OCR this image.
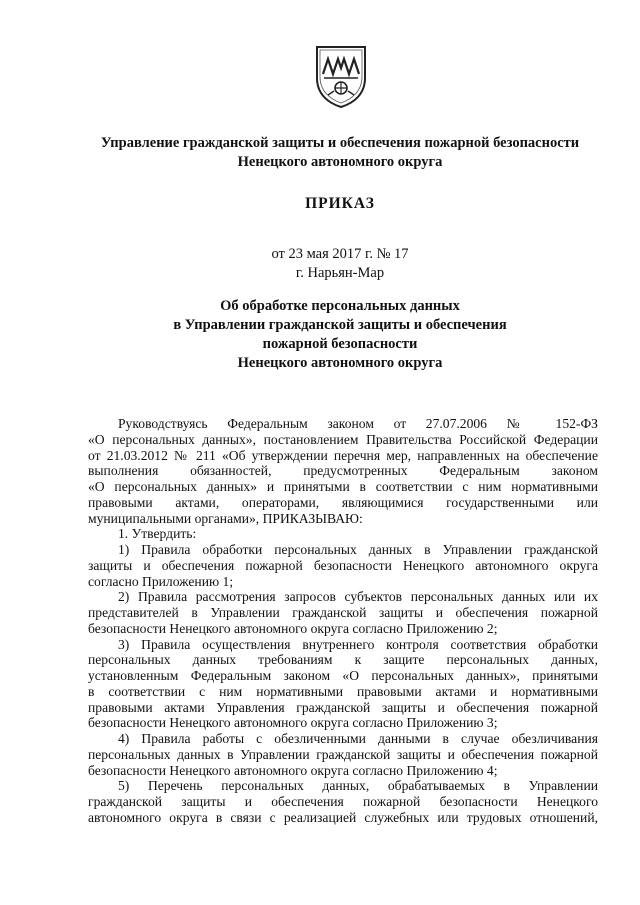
Управление гражданской защиты и обеспечения пожарной безопасности
Ненецкого автономного округа
ПРИКАЗ
от 23 мая 2017 г. № 17
г. Нарьян-Мар
Об обработке персональных данных
в Управлении гражданской защиты и обеспечения
пожарной безопасности
Ненецкого автономного округа
Руководствуясь Федеральным законом от 27.07.2006 № 152-ФЗ
«О персональных данных», постановлением Правительства Российской Федерации
от 21.03.2012 № 211 «Об утверждении перечня мер, направленных на обеспечение
выполнения обязанностей, предусмотренных Федеральным законом
«О персональных данных» и принятыми в соответствии с ним нормативными
правовыми актами, операторами, являющимися государственными или
муниципальными органами», ПРИКАЗЫВАЮ:
1. Утвердить:
1) Правила обработки персональных данных в Управлении гражданской
защиты и обеспечения пожарной безопасности Ненецкого автономного округа
согласно Приложению 1;
2) Правила рассмотрения запросов субъектов персональных данных или их
представителей в Управлении гражданской защиты и обеспечения пожарной
безопасности Ненецкого автономного округа согласно Приложению 2;
3) Правила осуществления внутреннего контроля соответствия обработки
персональных данных требованиям к защите персональных данных,
установленным Федеральным законом «О персональных данных», принятыми
в соответствии с ним нормативными правовыми актами и нормативными
правовыми актами Управления гражданской защиты и обеспечения пожарной
безопасности Ненецкого автономного округа согласно Приложению 3;
4) Правила работы с обезличенными данными в случае обезличивания
персональных данных в Управлении гражданской защиты и обеспечения пожарной
безопасности Ненецкого автономного округа согласно Приложению 4;
5) Перечень персональных данных, обрабатываемых в Управлении
гражданской защиты и обеспечения пожарной безопасности Ненецкого
автономного округа в связи с реализацией служебных или трудовых отношений,
